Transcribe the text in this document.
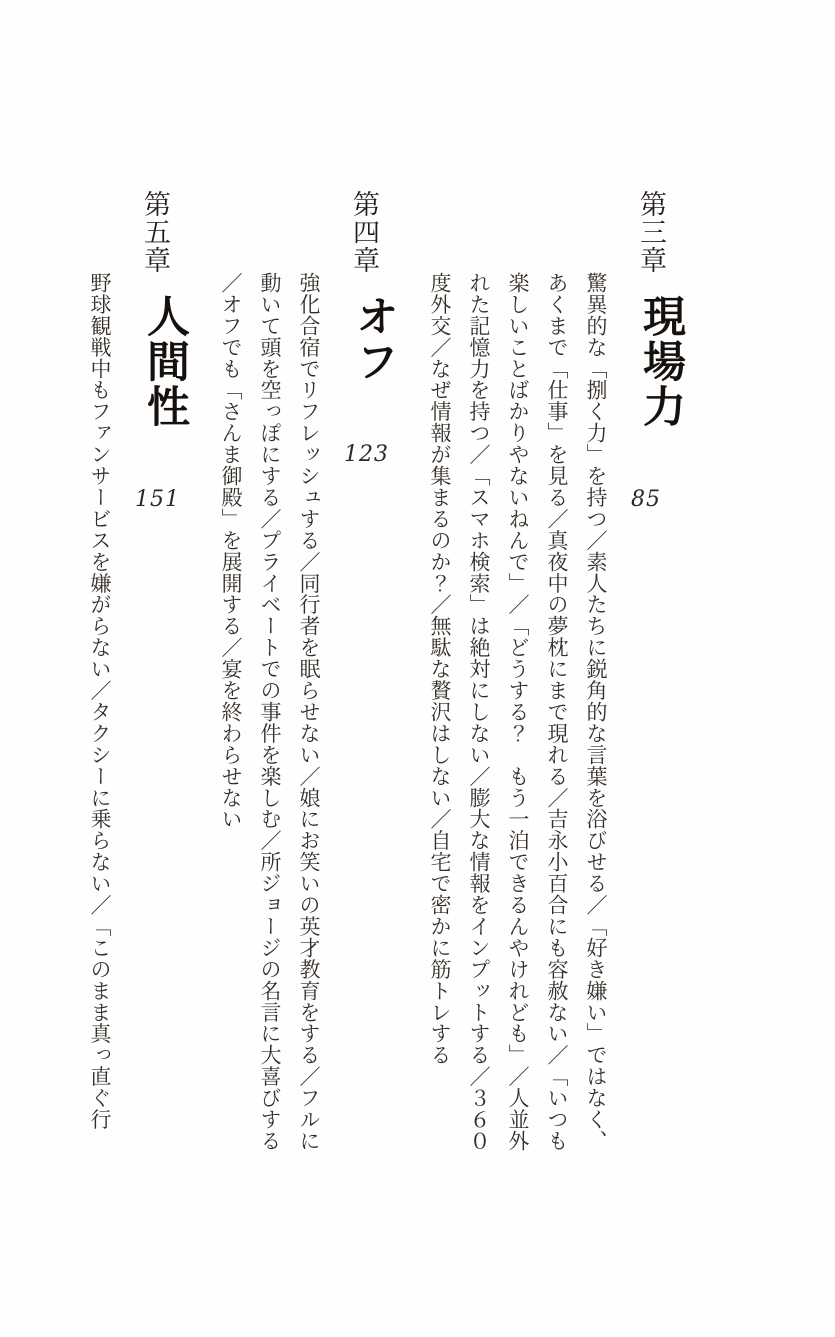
第三章
現場力
85
驚異的な「捌く力」を持つ／素人たちに鋭角的な言葉を浴びせる／「好き嫌い」ではなく、あくまで「仕事」を見る／真夜中の夢枕にまで現れる／吉永小百合にも容赦ない／「いつも楽しいことばかりやないねんで」／「どうする？　もう一泊できるんやけれども」／人並外れた記憶力を持つ／「スマホ検索」は絶対にしない／膨大な情報をインプットする／３６０度外交／なぜ情報が集まるのか？／無駄な贅沢はしない／自宅で密かに筋トレする
第四章
オフ
123
強化合宿でリフレッシュする／同行者を眠らせない／娘にお笑いの英才教育をする／フルに動いて頭を空っぽにする／プライベートでの事件を楽しむ／所ジョージの名言に大喜びする／オフでも「さんま御殿」を展開する／宴を終わらせない
第五章
人間性
151
野球観戦中もファンサービスを嫌がらない／タクシーに乗らない／「このまま真っ直ぐ行
